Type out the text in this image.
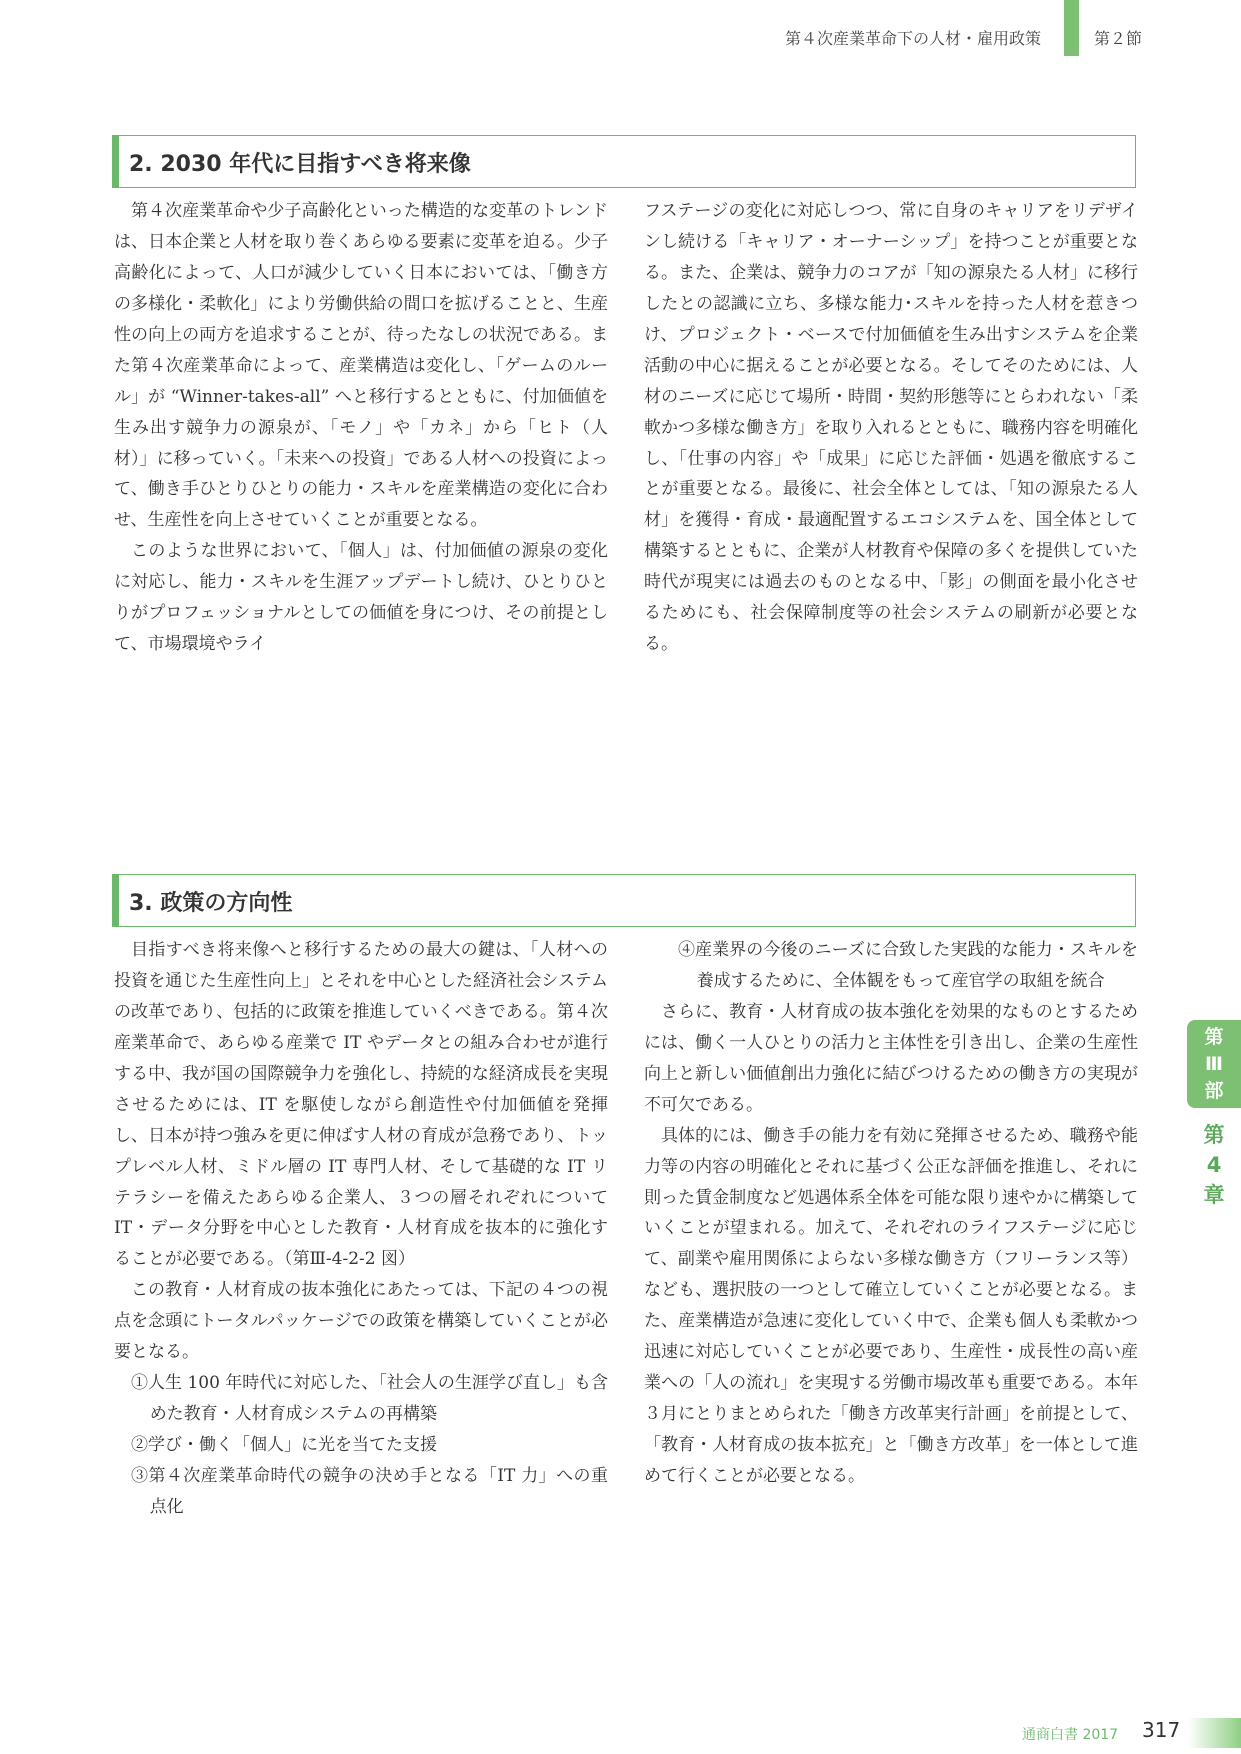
第４次産業革命下の人材・雇用政策	第２節
2. 2030 年代に目指すべき将来像

第４次産業革命や少子高齢化といった構造的な変革のトレンドは、日本企業と人材を取り巻くあらゆる要素に変革を迫る。少子高齢化によって、人口が減少していく日本においては、「働き方の多様化・柔軟化」により労働供給の間口を拡げることと、生産性の向上の両方を追求することが、待ったなしの状況である。また第４次産業革命によって、産業構造は変化し、「ゲームのルール」が “Winner-takes-all” へと移行するとともに、付加価値を生み出す競争力の源泉が、「モノ」や「カネ」から「ヒト（人材）」に移っていく。「未来への投資」である人材への投資によって、働き手ひとりひとりの能力・スキルを産業構造の変化に合わせ、生産性を向上させていくことが重要となる。

このような世界において、「個人」は、付加価値の源泉の変化に対応し、能力・スキルを生涯アップデートし続け、ひとりひとりがプロフェッショナルとしての価値を身につけ、その前提として、市場環境やライ

フステージの変化に対応しつつ、常に自身のキャリアをリデザインし続ける「キャリア・オーナーシップ」を持つことが重要となる。また、企業は、競争力のコアが「知の源泉たる人材」に移行したとの認識に立ち、多様な能力･スキルを持った人材を惹きつけ、プロジェクト・ベースで付加価値を生み出すシステムを企業活動の中心に据えることが必要となる。そしてそのためには、人材のニーズに応じて場所・時間・契約形態等にとらわれない「柔軟かつ多様な働き方」を取り入れるとともに、職務内容を明確化し、「仕事の内容」や「成果」に応じた評価・処遇を徹底することが重要となる。最後に、社会全体としては、「知の源泉たる人材」を獲得・育成・最適配置するエコシステムを、国全体として構築するとともに、企業が人材教育や保障の多くを提供していた時代が現実には過去のものとなる中、「影」の側面を最小化させるためにも、社会保障制度等の社会システムの刷新が必要となる。

3. 政策の方向性

目指すべき将来像へと移行するための最大の鍵は、「人材への投資を通じた生産性向上」とそれを中心とした経済社会システムの改革であり、包括的に政策を推進していくべきである。第４次産業革命で、あらゆる産業で IT やデータとの組み合わせが進行する中、我が国の国際競争力を強化し、持続的な経済成長を実現させるためには、IT を駆使しながら創造性や付加価値を発揮し、日本が持つ強みを更に伸ばす人材の育成が急務であり、トップレベル人材、ミドル層の IT 専門人材、そして基礎的な IT リテラシーを備えたあらゆる企業人、３つの層それぞれについて IT・データ分野を中心とした教育・人材育成を抜本的に強化することが必要である。（第Ⅲ-4-2-2 図）

この教育・人材育成の抜本強化にあたっては、下記の４つの視点を念頭にトータルパッケージでの政策を構築していくことが必要となる。

①人生 100 年時代に対応した、「社会人の生涯学び直し」も含めた教育・人材育成システムの再構築

②学び・働く「個人」に光を当てた支援

③第４次産業革命時代の競争の決め手となる「IT 力」への重点化

④産業界の今後のニーズに合致した実践的な能力・スキルを養成するために、全体観をもって産官学の取組を統合

さらに、教育・人材育成の抜本強化を効果的なものとするためには、働く一人ひとりの活力と主体性を引き出し、企業の生産性向上と新しい価値創出力強化に結びつけるための働き方の実現が不可欠である。

具体的には、働き手の能力を有効に発揮させるため、職務や能力等の内容の明確化とそれに基づく公正な評価を推進し、それに則った賃金制度など処遇体系全体を可能な限り速やかに構築していくことが望まれる。加えて、それぞれのライフステージに応じて、副業や雇用関係によらない多様な働き方（フリーランス等）なども、選択肢の一つとして確立していくことが必要となる。また、産業構造が急速に変化していく中で、企業も個人も柔軟かつ迅速に対応していくことが必要であり、生産性・成長性の高い産業への「人の流れ」を実現する労働市場改革も重要である。本年３月にとりまとめられた「働き方改革実行計画」を前提として、「教育・人材育成の抜本拡充」と「働き方改革」を一体として進めて行くことが必要となる。

第
Ⅲ
部
第
4
章
通商白書 2017 317
